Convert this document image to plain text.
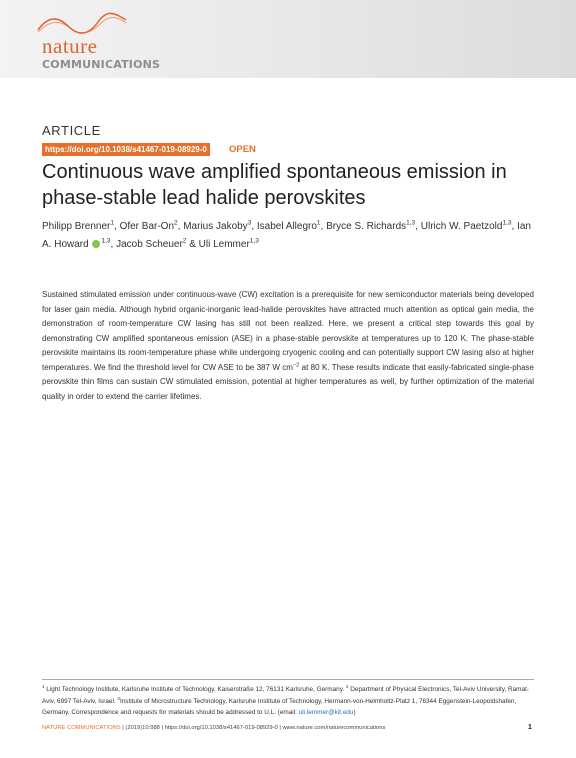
nature
COMMUNICATIONS
ARTICLE
https://doi.org/10.1038/s41467-019-08929-0	OPEN
Continuous wave amplified spontaneous emission in phase-stable lead halide perovskites
Philipp Brenner$^1$, Ofer Bar-On$^2$, Marius Jakoby$^3$, Isabel Allegro$^1$, Bryce S. Richards$^{1,3}$, Ulrich W. Paetzold$^{1,3}$, Ian A. Howard $^{1,3}$, Jacob Scheuer$^2$ & Uli Lemmer$^{1,3}$
Sustained stimulated emission under continuous-wave (CW) excitation is a prerequisite for new semiconductor materials being developed for laser gain media. Although hybrid organic-inorganic lead-halide perovskites have attracted much attention as optical gain media, the demonstration of room-temperature CW lasing has still not been realized. Here, we present a critical step towards this goal by demonstrating CW amplified spontaneous emission (ASE) in a phase-stable perovskite at temperatures up to 120 K. The phase-stable perovskite maintains its room-temperature phase while undergoing cryogenic cooling and can potentially support CW lasing also at higher temperatures. We find the threshold level for CW ASE to be 387 W $cm^{-2}$ at 80 K. These results indicate that easily-fabricated single-phase perovskite thin films can sustain CW stimulated emission, potential at higher temperatures as well, by further optimization of the material quality in order to extend the carrier lifetimes.
$^1$ Light Technology Institute, Karlsruhe Institute of Technology, Kaiserstraße 12, 76131 Karlsruhe, Germany. $^2$ Department of Physical Electronics, Tel-Aviv University, Ramat-Aviv, 6997 Tel-Aviv, Israel. $^3$Institute of Microstructure Technology, Karlsruhe Institute of Technology, Hermann-von-Helmholtz-Platz 1, 76344 Eggenstein-Leopoldshafen, Germany. Correspondence and requests for materials should be addressed to U.L. (email: uli.lemmer@kit.edu)
NATURE COMMUNICATIONS | (2019)10:988 | https://doi.org/10.1038/s41467-019-08929-0 | www.nature.com/naturecommunications	1
